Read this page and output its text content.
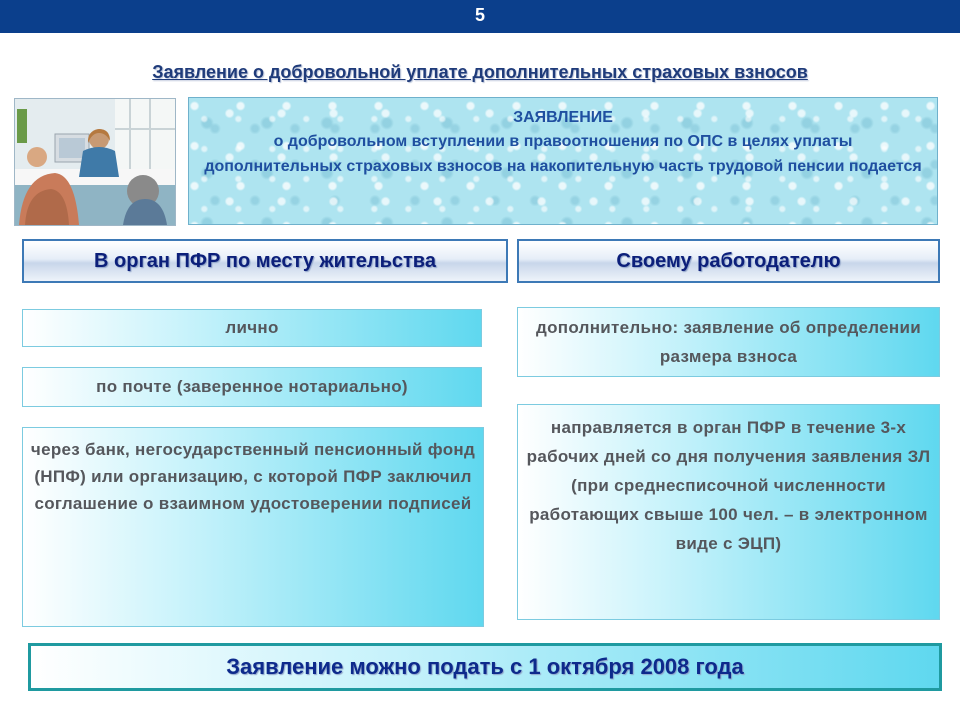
5
Заявление о добровольной уплате дополнительных страховых взносов
ЗАЯВЛЕНИЕ
о добровольном вступлении в правоотношения по ОПС в целях уплаты дополнительных страховых взносов на накопительную часть трудовой пенсии подается
В орган ПФР по месту жительства	Своему работодателю
лично
по почте (заверенное нотариально)
через банк, негосударственный пенсионный фонд (НПФ) или организацию, с которой ПФР заключил соглашение о взаимном удостоверении подписей
дополнительно: заявление об определении размера взноса
направляется в орган ПФР в течение 3-х рабочих дней со дня получения заявления ЗЛ
(при среднесписочной численности работающих свыше 100 чел. – в электронном виде с ЭЦП)
Заявление можно подать с 1 октября 2008 года
